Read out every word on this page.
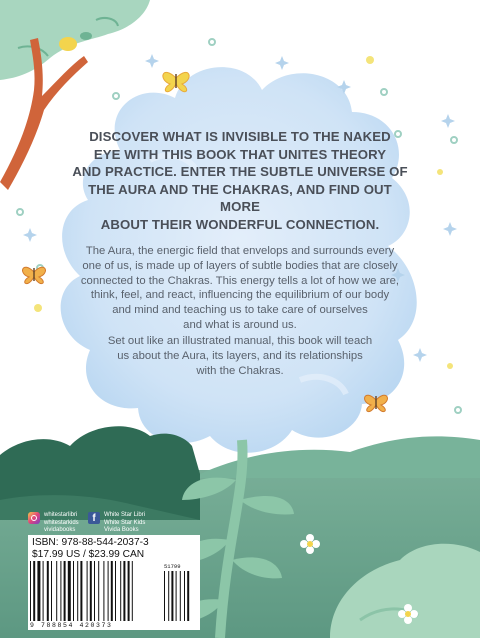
DISCOVER WHAT IS INVISIBLE TO THE NAKED
EYE WITH THIS BOOK THAT UNITES THEORY
AND PRACTICE. ENTER THE SUBTLE UNIVERSE OF
THE AURA AND THE CHAKRAS, AND FIND OUT MORE
ABOUT THEIR WONDERFUL CONNECTION.
The Aura, the energic field that envelops and surrounds every
one of us, is made up of layers of subtle bodies that are closely
connected to the Chakras. This energy tells a lot of how we are,
think, feel, and react, influencing the equilibrium of our body
and mind and teaching us to take care of ourselves
and what is around us.
Set out like an illustrated manual, this book will teach
us about the Aura, its layers, and its relationships
with the Chakras.
whitestarlibri
whitestarkids
vividabooks
f	White Star Libri
White Star Kids
Vivida Books
ISBN: 978-88-544-2037-3
$17.99 US / $23.99 CAN
51799
9 788854 420373
